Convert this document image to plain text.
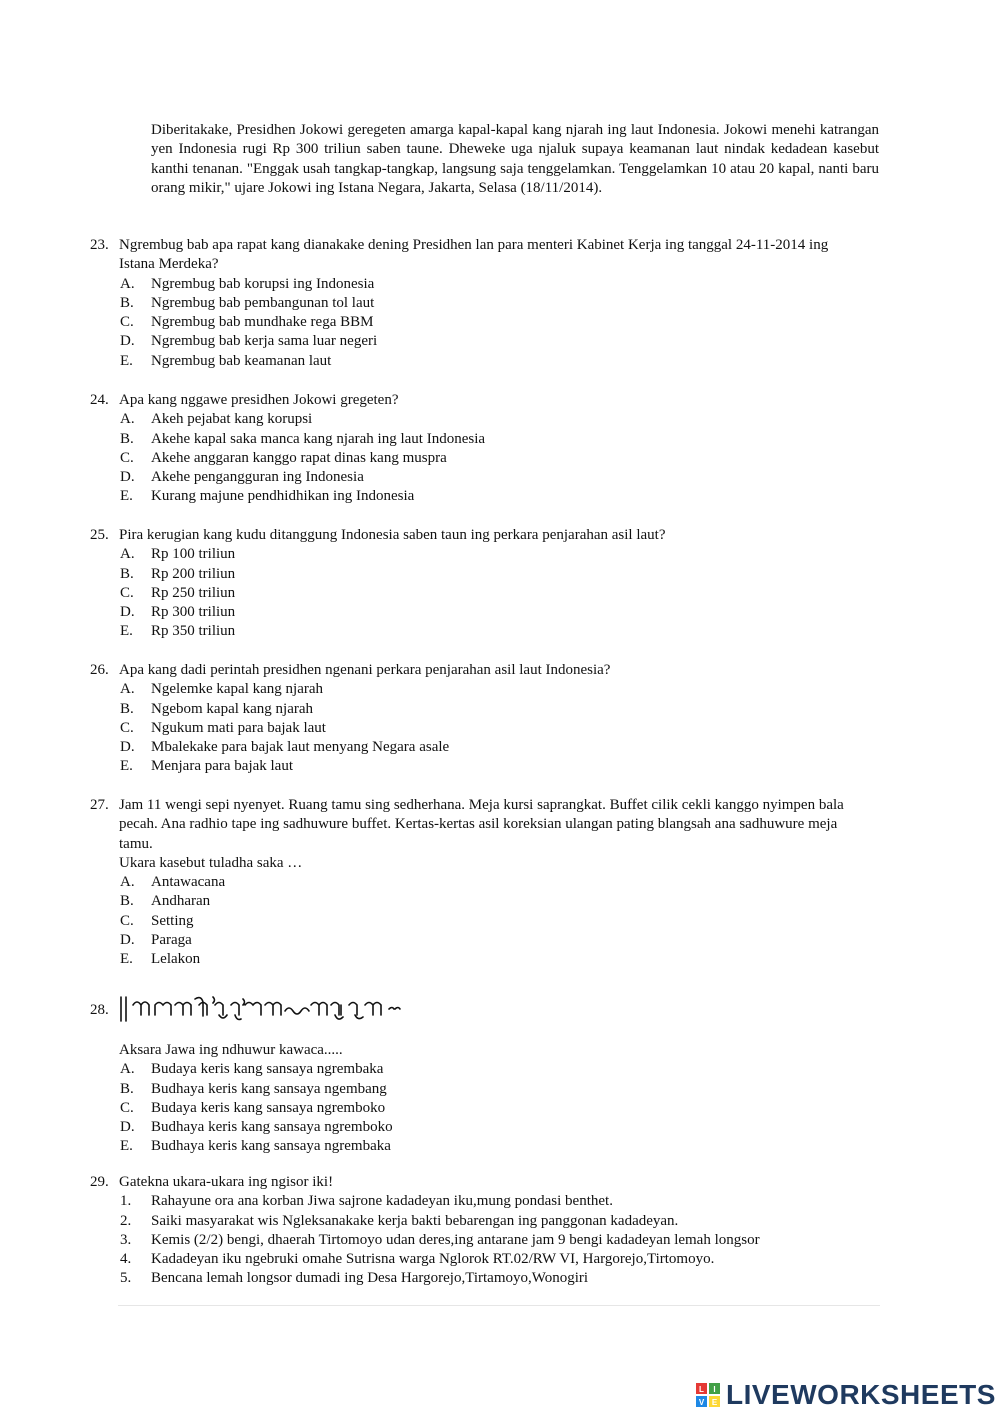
Diberitakake, Presidhen Jokowi geregeten amarga kapal-kapal kang njarah ing laut Indonesia. Jokowi menehi katrangan yen Indonesia rugi Rp 300 triliun saben taune. Dheweke uga njaluk supaya keamanan laut nindak kedadean kasebut kanthi tenanan. "Enggak usah tangkap-tangkap, langsung saja tenggelamkan. Tenggelamkan 10 atau 20 kapal, nanti baru orang mikir," ujare Jokowi ing Istana Negara, Jakarta, Selasa (18/11/2014).

23. Ngrembug bab apa rapat kang dianakake dening Presidhen lan para menteri Kabinet Kerja ing tanggal 24-11-2014 ing Istana Merdeka?

A. Ngrembug bab korupsi ing Indonesia
B. Ngrembug bab pembangunan tol laut
C. Ngrembug bab mundhake rega BBM
D. Ngrembug bab kerja sama luar negeri
E. Ngrembug bab keamanan laut
24. Apa kang nggawe presidhen Jokowi gregeten?

A. Akeh pejabat kang korupsi
B. Akehe kapal saka manca kang njarah ing laut Indonesia
C. Akehe anggaran kanggo rapat dinas kang muspra
D. Akehe pengangguran ing Indonesia
E. Kurang majune pendhidhikan ing Indonesia
25. Pira kerugian kang kudu ditanggung Indonesia saben taun ing perkara penjarahan asil laut?

A. Rp 100 triliun
B. Rp 200 triliun
C. Rp 250 triliun
D. Rp 300 triliun
E. Rp 350 triliun
26. Apa kang dadi perintah presidhen ngenani perkara penjarahan asil laut Indonesia?

A. Ngelemke kapal kang njarah
B. Ngebom kapal kang njarah
C. Ngukum mati para bajak laut
D. Mbalekake para bajak laut menyang Negara asale
E. Menjara para bajak laut
27. Jam 11 wengi sepi nyenyet. Ruang tamu sing sedherhana. Meja kursi saprangkat. Buffet cilik cekli kanggo nyimpen bala pecah. Ana radhio tape ing sadhuwure buffet. Kertas-kertas asil koreksian ulangan pating blangsah ana sadhuwure meja tamu.

Ukara kasebut tuladha saka …

A. Antawacana
B. Andharan
C. Setting
D. Paraga
E. Lelakon
28.

Aksara Jawa ing ndhuwur kawaca.....

A. Budaya keris kang sansaya ngrembaka
B. Budhaya keris kang sansaya ngembang
C. Budaya keris kang sansaya ngremboko
D. Budhaya keris kang sansaya ngremboko
E. Budhaya keris kang sansaya ngrembaka
29. Gatekna ukara-ukara ing ngisor iki!

1. Rahayune ora ana korban Jiwa sajrone kadadeyan iku,mung pondasi benthet.
2. Saiki masyarakat wis Ngleksanakake kerja bakti bebarengan ing panggonan kadadeyan.
3. Kemis (2/2) bengi, dhaerah Tirtomoyo udan deres,ing antarane jam 9 bengi kadadeyan lemah longsor
4. Kadadeyan iku ngebruki omahe Sutrisna warga Nglorok RT.02/RW VI, Hargorejo,Tirtomoyo.
5. Bencana lemah longsor dumadi ing Desa Hargorejo,Tirtamoyo,Wonogiri
L I
V E LIVEWORKSHEETS
